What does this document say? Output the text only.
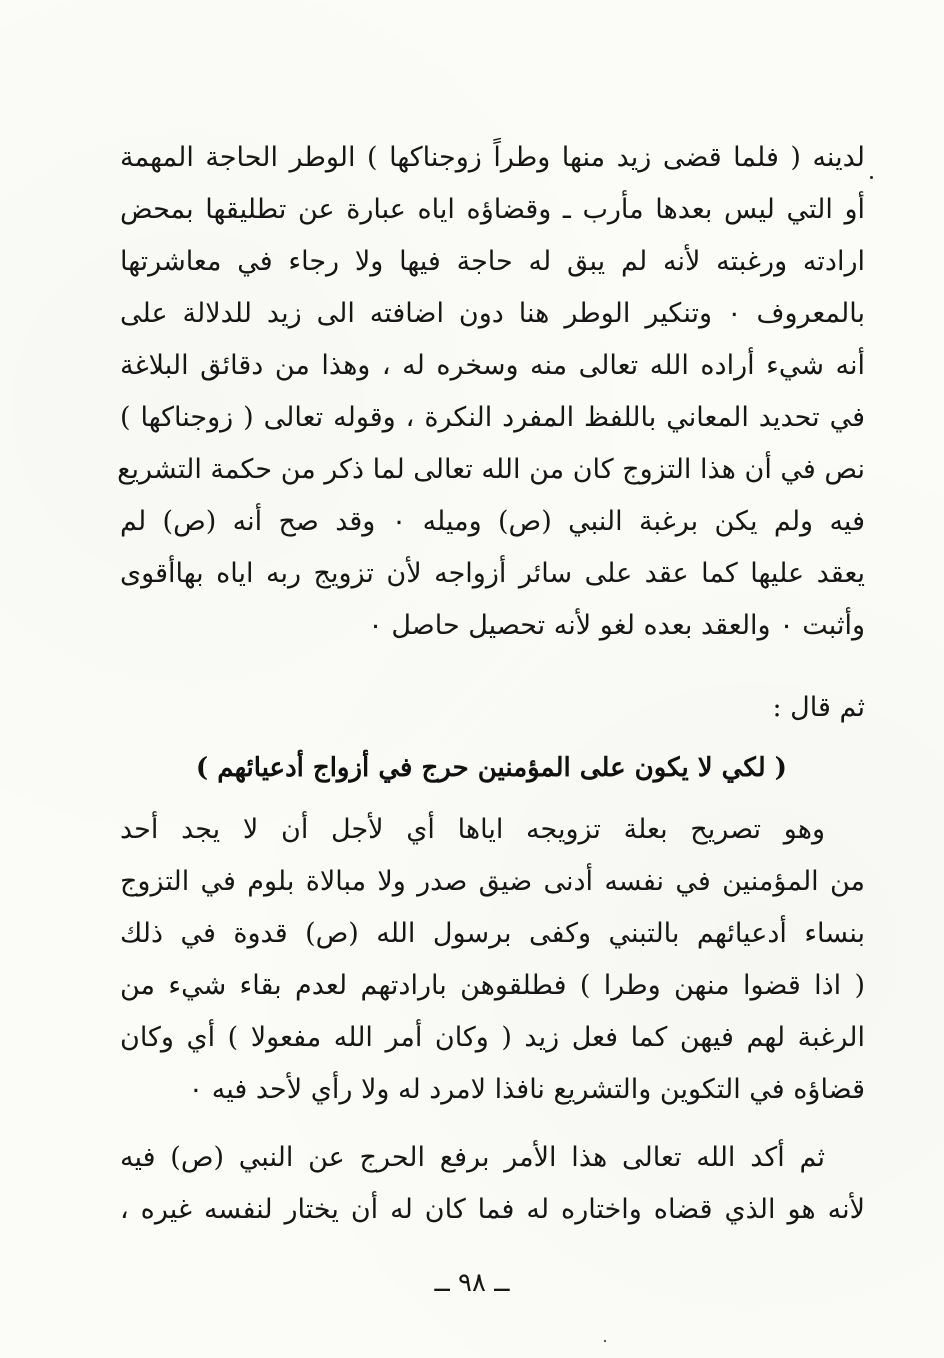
لدينه ( فلما قضى زيد منها وطراً زوجناكها ) الوطر الحاجة المهمة
أو التي ليس بعدها مأرب ـ وقضاؤه اياه عبارة عن تطليقها بمحض
ارادته ورغبته لأنه لم يبق له حاجة فيها ولا رجاء في معاشرتها
بالمعروف ٠ وتنكير الوطر هنا دون اضافته الى زيد للدلالة على
أنه شيء أراده الله تعالى منه وسخره له ، وهذا من دقائق البلاغة
في تحديد المعاني باللفظ المفرد النكرة ، وقوله تعالى ( زوجناكها )
نص في أن هذا التزوج كان من الله تعالى لما ذكر من حكمة التشريع
فيه ولم يكن برغبة النبي (ص) وميله ٠ وقد صح أنه (ص) لم
يعقد عليها كما عقد على سائر أزواجه لأن تزويج ربه اياه بهاأقوى
وأثبت ٠ والعقد بعده لغو لأنه تحصيل حاصل ٠
ثم قال :
( لكي لا يكون على المؤمنين حرج في أزواج أدعيائهم )
وهو تصريح بعلة تزويجه اياها أي لأجل أن لا يجد أحد
من المؤمنين في نفسه أدنى ضيق صدر ولا مبالاة بلوم في التزوج
بنساء أدعيائهم بالتبني وكفى برسول الله (ص) قدوة في ذلك
( اذا قضوا منهن وطرا ) فطلقوهن بارادتهم لعدم بقاء شيء من
الرغبة لهم فيهن كما فعل زيد ( وكان أمر الله مفعولا ) أي وكان
قضاؤه في التكوين والتشريع نافذا لامرد له ولا رأي لأحد فيه ٠
ثم أكد الله تعالى هذا الأمر برفع الحرج عن النبي (ص) فيه
لأنه هو الذي قضاه واختاره له فما كان له أن يختار لنفسه غيره ،
ــ ٩٨ ــ
